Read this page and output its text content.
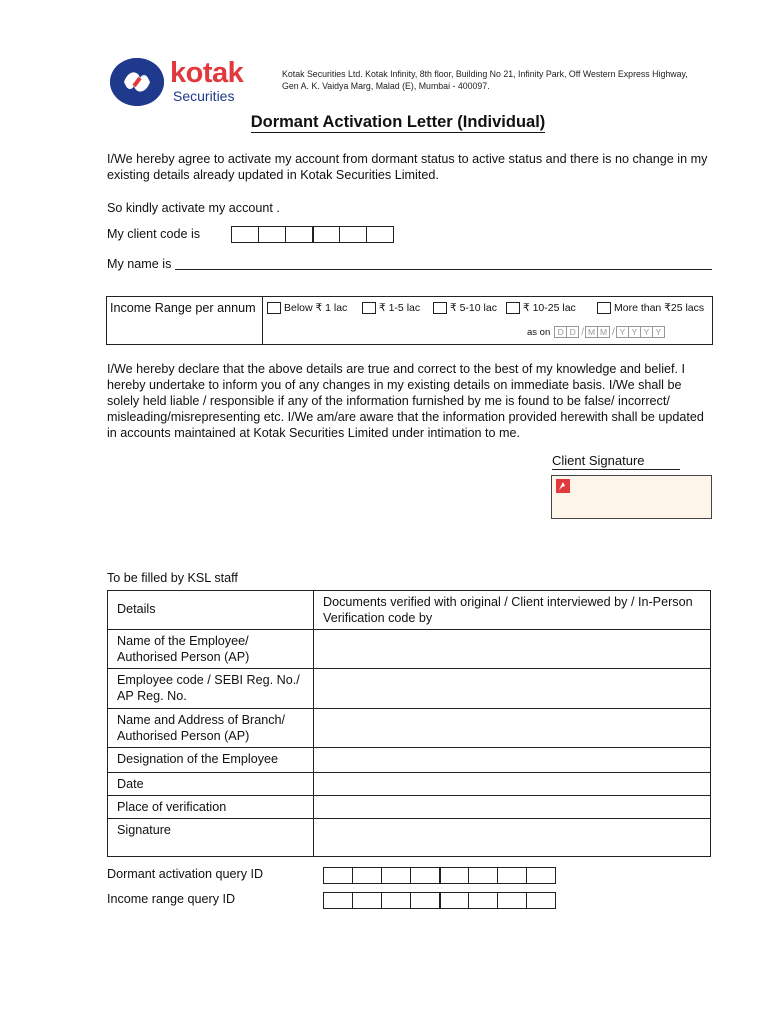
kotak
Securities
Kotak Securities Ltd. Kotak Infinity, 8th floor, Building No 21, Infinity Park, Off Western Express Highway, Gen A. K. Vaidya Marg, Malad (E), Mumbai - 400097.
Dormant Activation Letter (Individual)
I/We hereby agree to activate my account from dormant status to active status and there is no change in my existing details already updated in Kotak Securities Limited.
So kindly activate my account .
My client code is
My name is
Income Range per annum	Below ₹ 1 lac	₹ 1-5 lac	₹ 5-10 lac ₹ 10-25 lac	More than ₹25 lacs
as on D D / M M / Y Y Y Y
I/We hereby declare that the above details are true and correct to the best of my knowledge and belief. I hereby undertake to inform you of any changes in my existing details on immediate basis. I/We shall be solely held liable / responsible if any of the information furnished by me is found to be false/ incorrect/ misleading/misrepresenting etc. I/We am/are aware that the information provided herewith shall be updated in accounts maintained at Kotak Securities Limited under intimation to me.
Client Signature
To be filled by KSL staff
Details	Documents verified with original / Client interviewed by / In-Person Verification code by
Name of the Employee/ Authorised Person (AP)	
Employee code / SEBI Reg. No./ AP Reg. No.	
Name and Address of Branch/ Authorised Person (AP)	
Designation of the Employee	
Date	
Place of verification	
Signature	
Dormant activation query ID
Income range query ID
